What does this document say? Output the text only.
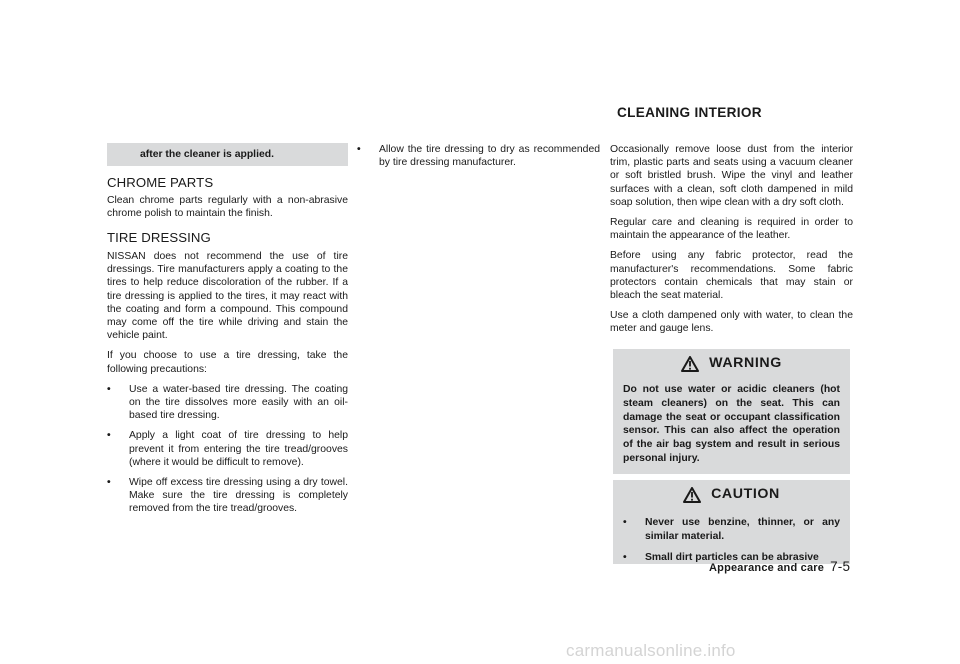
after the cleaner is applied.
CHROME PARTS

Clean chrome parts regularly with a non-abrasive chrome polish to maintain the finish.

TIRE DRESSING

NISSAN does not recommend the use of tire dressings. Tire manufacturers apply a coating to the tires to help reduce discoloration of the rubber. If a tire dressing is applied to the tires, it may react with the coating and form a compound. This compound may come off the tire while driving and stain the vehicle paint.

If you choose to use a tire dressing, take the following precautions:

• Use a water-based tire dressing. The coating on the tire dissolves more easily with an oil-based tire dressing.
• Apply a light coat of tire dressing to help prevent it from entering the tire tread/grooves (where it would be difficult to remove).
• Wipe off excess tire dressing using a dry towel. Make sure the tire dressing is completely removed from the tire tread/grooves.
• Allow the tire dressing to dry as recommended by tire dressing manufacturer.
CLEANING INTERIOR

Occasionally remove loose dust from the interior trim, plastic parts and seats using a vacuum cleaner or soft bristled brush. Wipe the vinyl and leather surfaces with a clean, soft cloth dampened in mild soap solution, then wipe clean with a dry soft cloth.

Regular care and cleaning is required in order to maintain the appearance of the leather.

Before using any fabric protector, read the manufacturer's recommendations. Some fabric protectors contain chemicals that may stain or bleach the seat material.

Use a cloth dampened only with water, to clean the meter and gauge lens.

WARNING

Do not use water or acidic cleaners (hot steam cleaners) on the seat. This can damage the seat or occupant classification sensor. This can also affect the operation of the air bag system and result in serious personal injury.

CAUTION
• Never use benzine, thinner, or any similar material.
• Small dirt particles can be abrasive
Appearance and care 7-5
carmanualsonline.info
